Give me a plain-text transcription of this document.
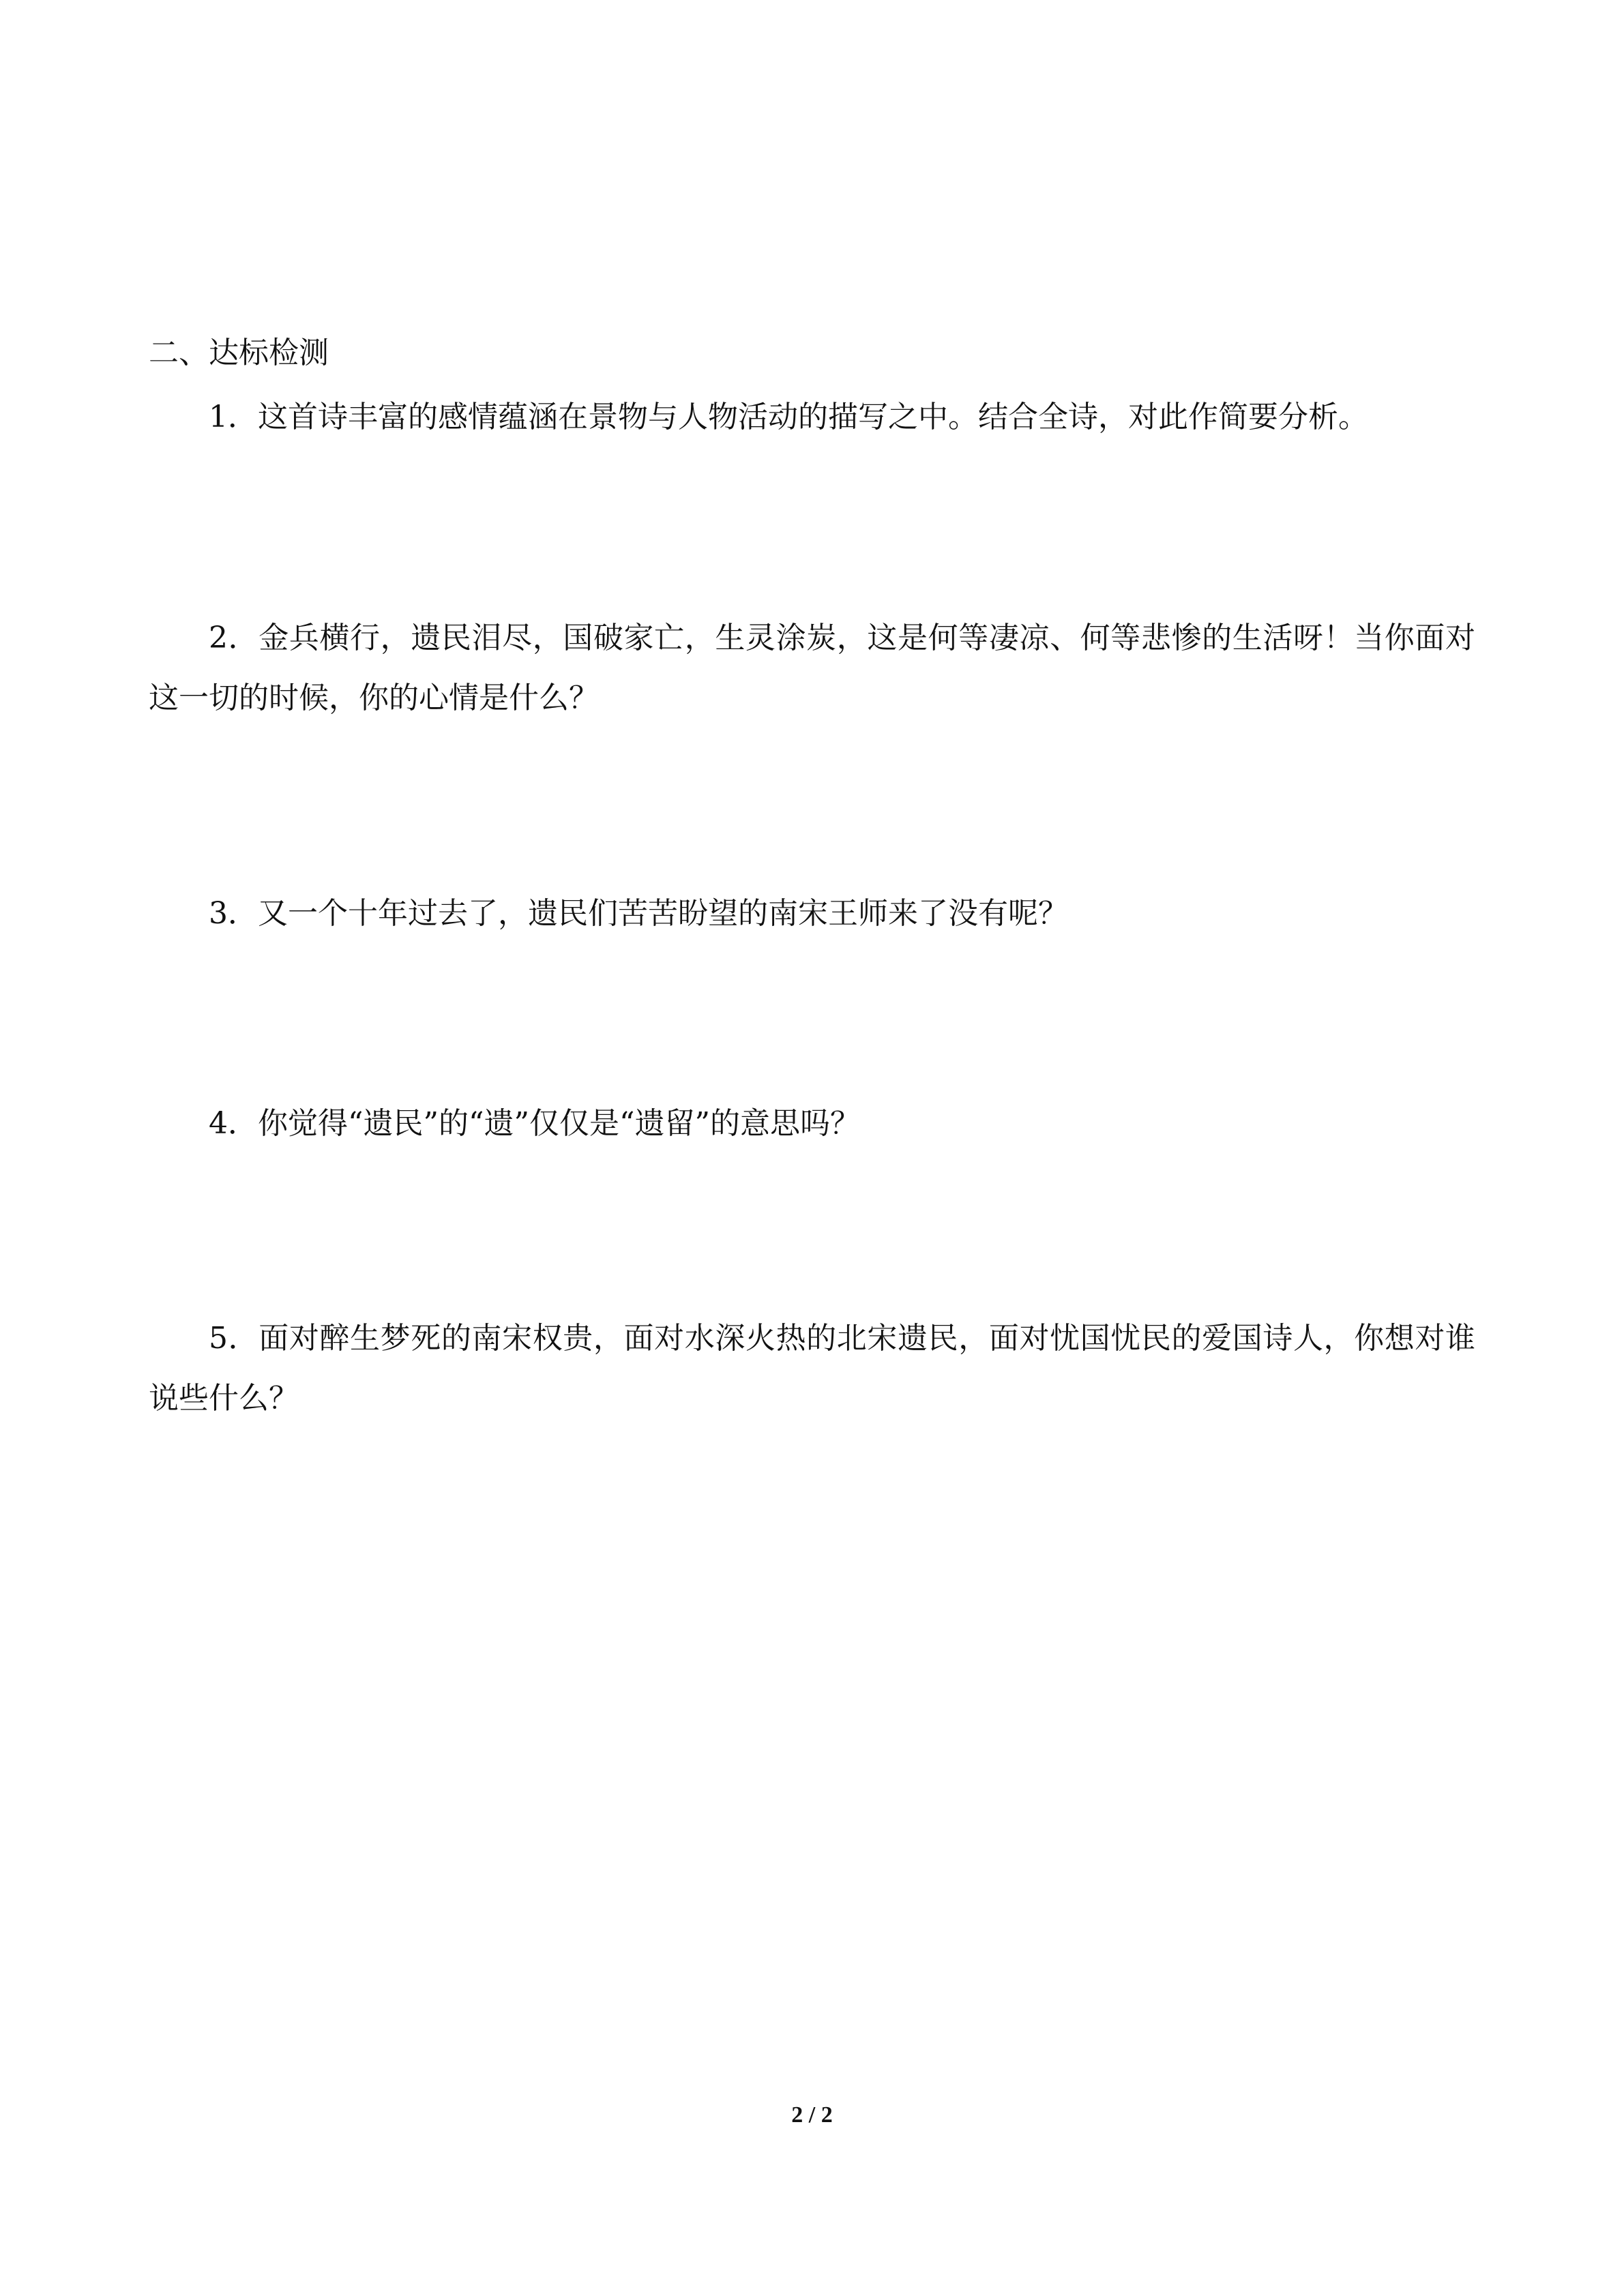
二、达标检测

1．这首诗丰富的感情蕴涵在景物与人物活动的描写之中。结合全诗，对此作简要分析。

2．金兵横行，遗民泪尽，国破家亡，生灵涂炭，这是何等凄凉、何等悲惨的生活呀！当你面对这一切的时候，你的心情是什么？

3．又一个十年过去了，遗民们苦苦盼望的南宋王师来了没有呢？

4．你觉得“遗民”的“遗”仅仅是“遗留”的意思吗？

5．面对醉生梦死的南宋权贵，面对水深火热的北宋遗民，面对忧国忧民的爱国诗人，你想对谁说些什么？

2 / 2
